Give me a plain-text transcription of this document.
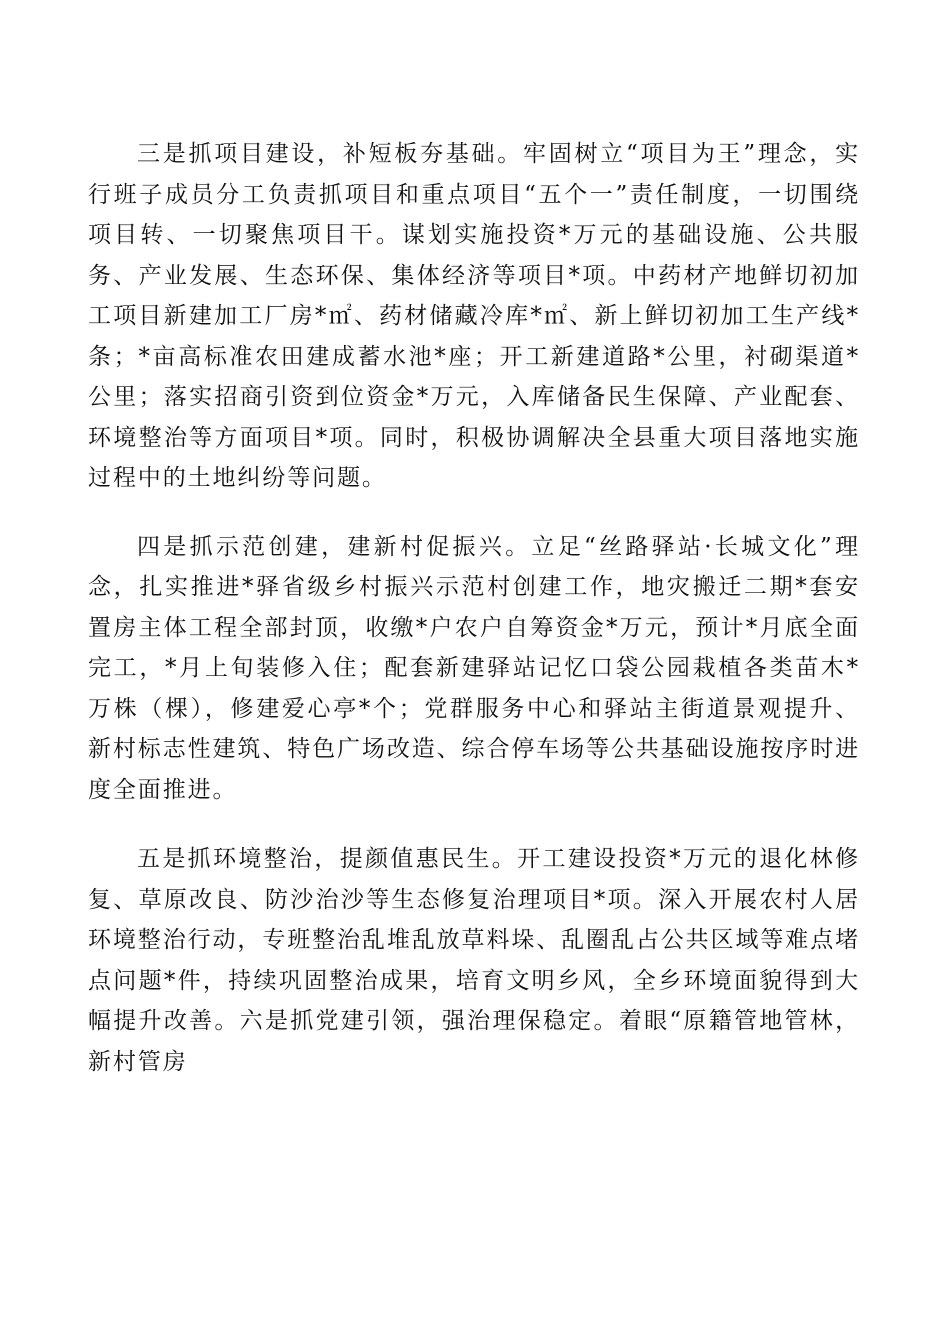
三是抓项目建设，补短板夯基础。牢固树立“项目为王”理念，实行班子成员分工负责抓项目和重点项目“五个一”责任制度，一切围绕项目转、一切聚焦项目干。谋划实施投资*万元的基础设施、公共服务、产业发展、生态环保、集体经济等项目*项。中药材产地鲜切初加工项目新建加工厂房*㎡、药材储藏冷库*㎡、新上鲜切初加工生产线*条；*亩高标准农田建成蓄水池*座；开工新建道路*公里，衬砌渠道*公里；落实招商引资到位资金*万元，入库储备民生保障、产业配套、环境整治等方面项目*项。同时，积极协调解决全县重大项目落地实施过程中的土地纠纷等问题。

四是抓示范创建，建新村促振兴。立足“丝路驿站·长城文化”理念，扎实推进*驿省级乡村振兴示范村创建工作，地灾搬迁二期*套安置房主体工程全部封顶，收缴*户农户自筹资金*万元，预计*月底全面完工，*月上旬装修入住；配套新建驿站记忆口袋公园栽植各类苗木*万株（棵），修建爱心亭*个；党群服务中心和驿站主街道景观提升、新村标志性建筑、特色广场改造、综合停车场等公共基础设施按序时进度全面推进。

五是抓环境整治，提颜值惠民生。开工建设投资*万元的退化林修复、草原改良、防沙治沙等生态修复治理项目*项。深入开展农村人居环境整治行动，专班整治乱堆乱放草料垛、乱圈乱占公共区域等难点堵点问题*件，持续巩固整治成果，培育文明乡风，全乡环境面貌得到大幅提升改善。六是抓党建引领，强治理保稳定。着眼“原籍管地管林，新村管房
